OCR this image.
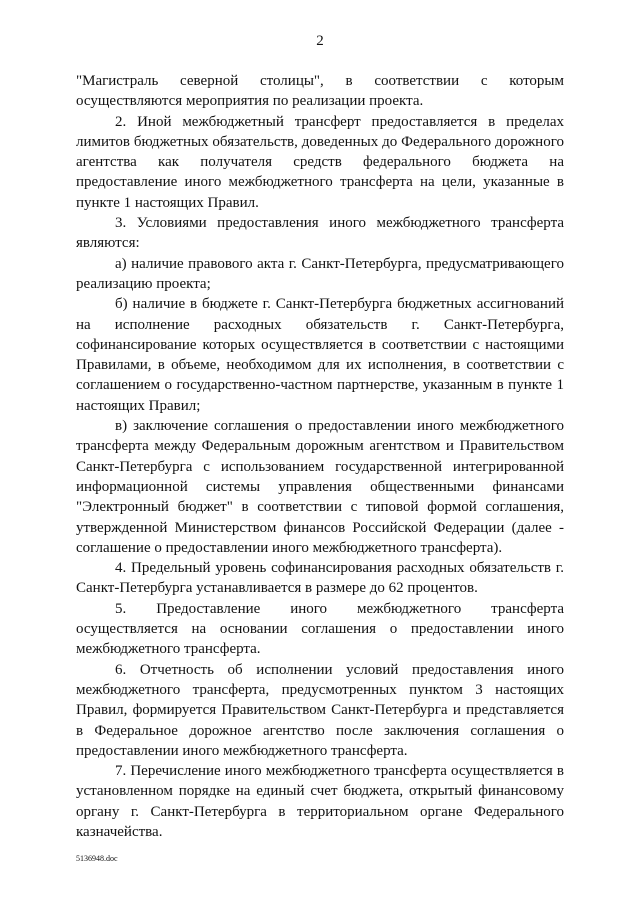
2

"Магистраль северной столицы", в соответствии с которым осуществляются мероприятия по реализации проекта.

2. Иной межбюджетный трансферт предоставляется в пределах лимитов бюджетных обязательств, доведенных до Федерального дорожного агентства как получателя средств федерального бюджета на предоставление иного межбюджетного трансферта на цели, указанные в пункте 1 настоящих Правил.

3. Условиями предоставления иного межбюджетного трансферта являются:

а) наличие правового акта г. Санкт-Петербурга, предусматривающего реализацию проекта;

б) наличие в бюджете г. Санкт-Петербурга бюджетных ассигнований на исполнение расходных обязательств г. Санкт-Петербурга, софинансирование которых осуществляется в соответствии с настоящими Правилами, в объеме, необходимом для их исполнения, в соответствии с соглашением о государственно-частном партнерстве, указанным в пункте 1 настоящих Правил;

в) заключение соглашения о предоставлении иного межбюджетного трансферта между Федеральным дорожным агентством и Правительством Санкт-Петербурга с использованием государственной интегрированной информационной системы управления общественными финансами "Электронный бюджет" в соответствии с типовой формой соглашения, утвержденной Министерством финансов Российской Федерации (далее - соглашение о предоставлении иного межбюджетного трансферта).

4. Предельный уровень софинансирования расходных обязательств г. Санкт-Петербурга устанавливается в размере до 62 процентов.

5. Предоставление иного межбюджетного трансферта осуществляется на основании соглашения о предоставлении иного межбюджетного трансферта.

6. Отчетность об исполнении условий предоставления иного межбюджетного трансферта, предусмотренных пунктом 3 настоящих Правил, формируется Правительством Санкт-Петербурга и представляется в Федеральное дорожное агентство после заключения соглашения о предоставлении иного межбюджетного трансферта.

7. Перечисление иного межбюджетного трансферта осуществляется в установленном порядке на единый счет бюджета, открытый финансовому органу г. Санкт-Петербурга в территориальном органе Федерального казначейства.

5136948.doc
